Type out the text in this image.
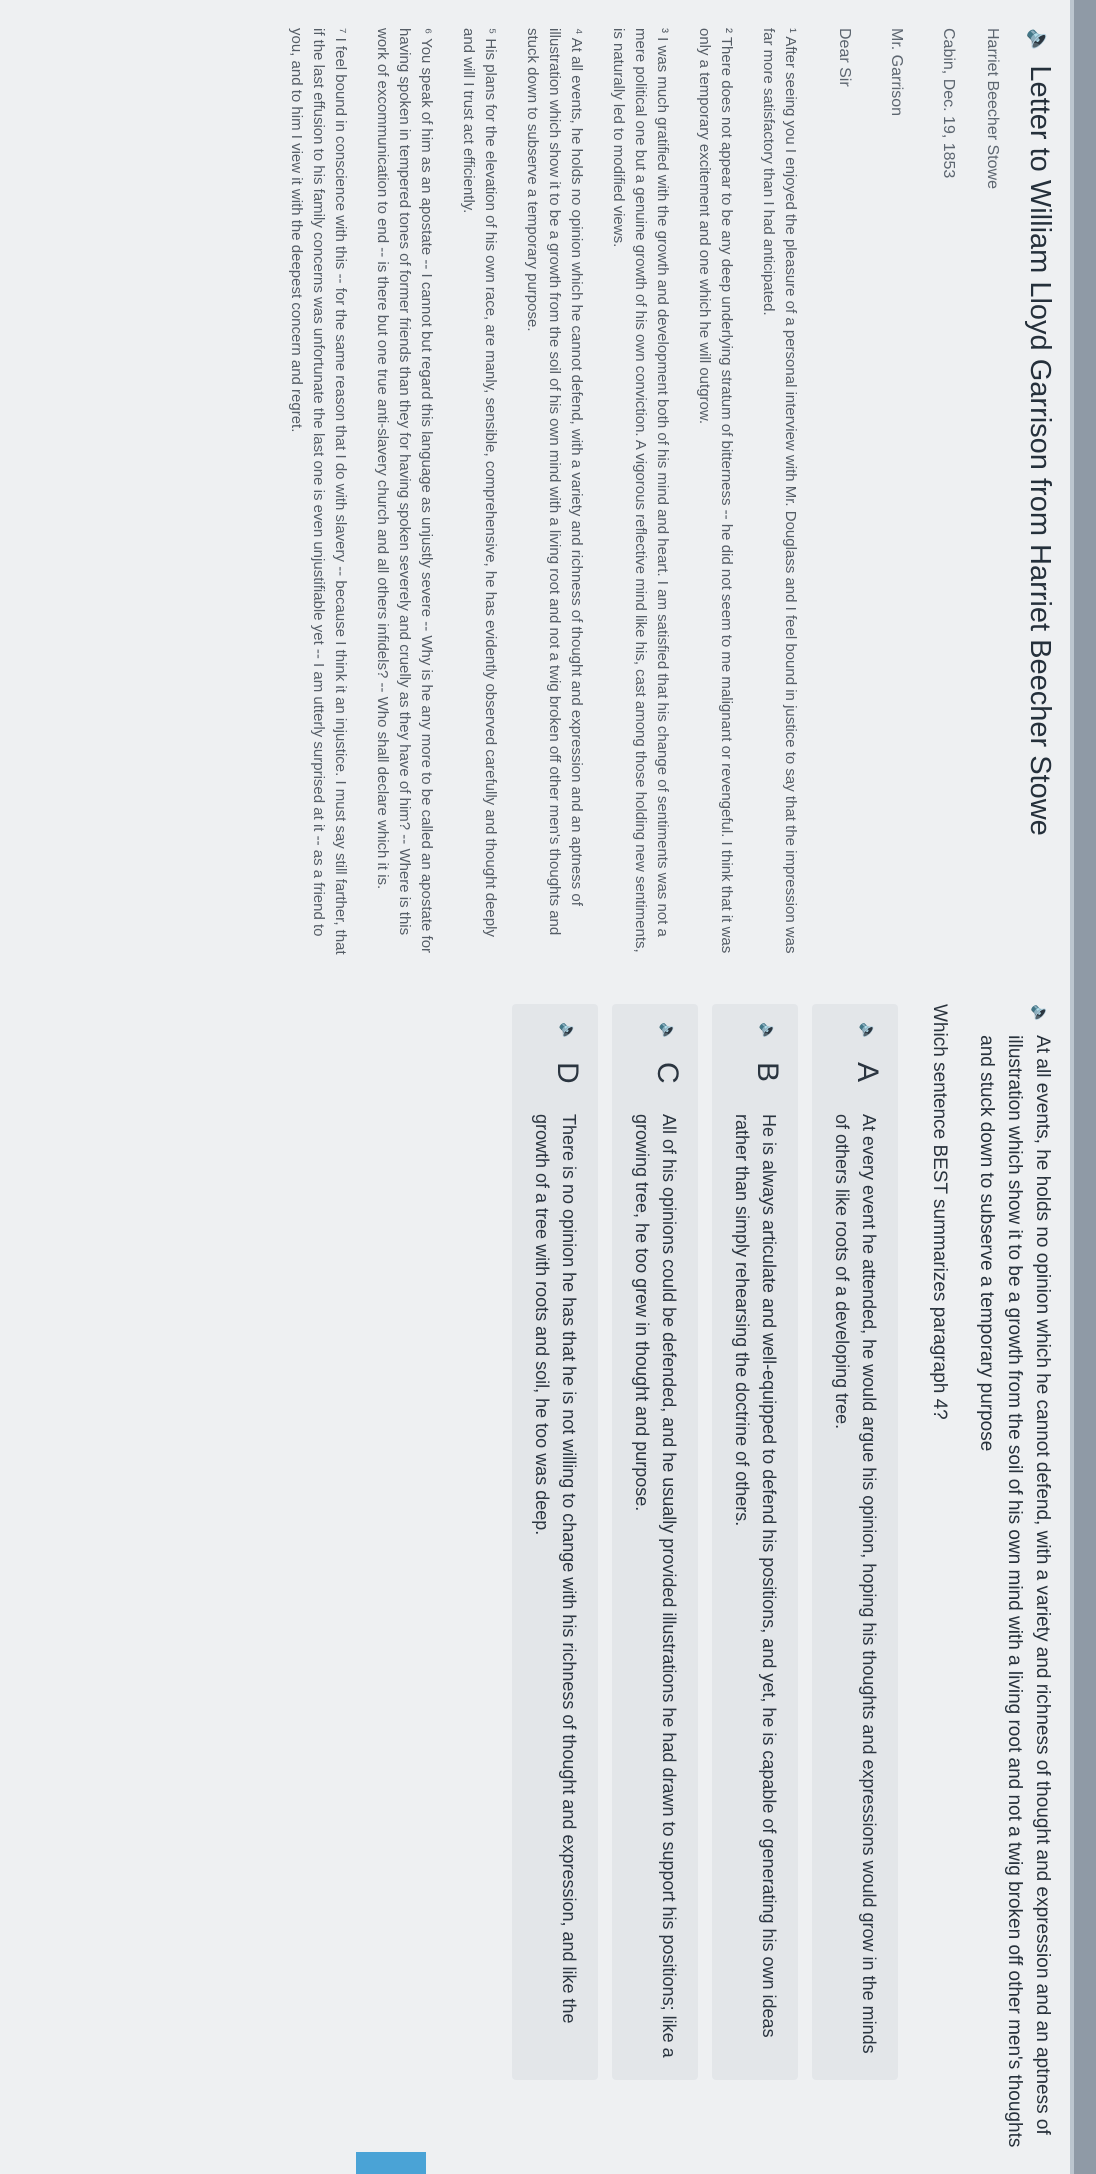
🔈
Letter to William Lloyd Garrison from Harriet Beecher Stowe
Harriet Beecher Stowe
Cabin, Dec. 19, 1853
Mr. Garrison
Dear Sir

¹ After seeing you I enjoyed the pleasure of a personal interview with Mr. Douglass and I feel bound in justice to say that the impression was far more satisfactory than I had anticipated.

² There does not appear to be any deep underlying stratum of bitterness -- he did not seem to me malignant or revengeful. I think that it was only a temporary excitement and one which he will outgrow.

³ I was much gratified with the growth and development both of his mind and heart. I am satisfied that his change of sentiments was not a mere political one but a genuine growth of his own conviction. A vigorous reflective mind like his, cast among those holding new sentiments, is naturally led to modified views.

⁴ At all events, he holds no opinion which he cannot defend, with a variety and richness of thought and expression and an aptness of illustration which show it to be a growth from the soil of his own mind with a living root and not a twig broken off other men's thoughts and stuck down to subserve a temporary purpose.

⁵ His plans for the elevation of his own race, are manly, sensible, comprehensive, he has evidently observed carefully and thought deeply and will I trust act efficiently.

⁶ You speak of him as an apostate -- I cannot but regard this language as unjustly severe -- Why is he any more to be called an apostate for having spoken in tempered tones of former friends than they for having spoken severely and cruelly as they have of him? -- Where is this work of excommunication to end -- is there but one true anti-slavery church and all others infidels? -- Who shall declare which it is.

⁷ I feel bound in conscience with this -- for the same reason that I do with slavery -- because I think it an injustice. I must say still farther, that if the last effusion to his family concerns was unfortunate the last one is even unjustifiable yet -- I am utterly surprised at it -- as a friend to you, and to him I view it with the deepest concern and regret.

🔈
At all events, he holds no opinion which he cannot defend, with a variety and richness of thought and expression and an aptness of illustration which show it to be a growth from the soil of his own mind with a living root and not a twig broken off other men's thoughts and stuck down to subserve a temporary purpose

Which sentence BEST summarizes paragraph 4?

🔈
A
At every event he attended, he would argue his opinion, hoping his thoughts and expressions would grow in the minds of others like roots of a developing tree.
🔈
B
He is always articulate and well-equipped to defend his positions, and yet, he is capable of generating his own ideas rather than simply rehearsing the doctrine of others.
🔈
C
All of his opinions could be defended, and he usually provided illustrations he had drawn to support his positions; like a growing tree, he too grew in thought and purpose.
🔈
D
There is no opinion he has that he is not willing to change with his richness of thought and expression, and like the growth of a tree with roots and soil, he too was deep.
